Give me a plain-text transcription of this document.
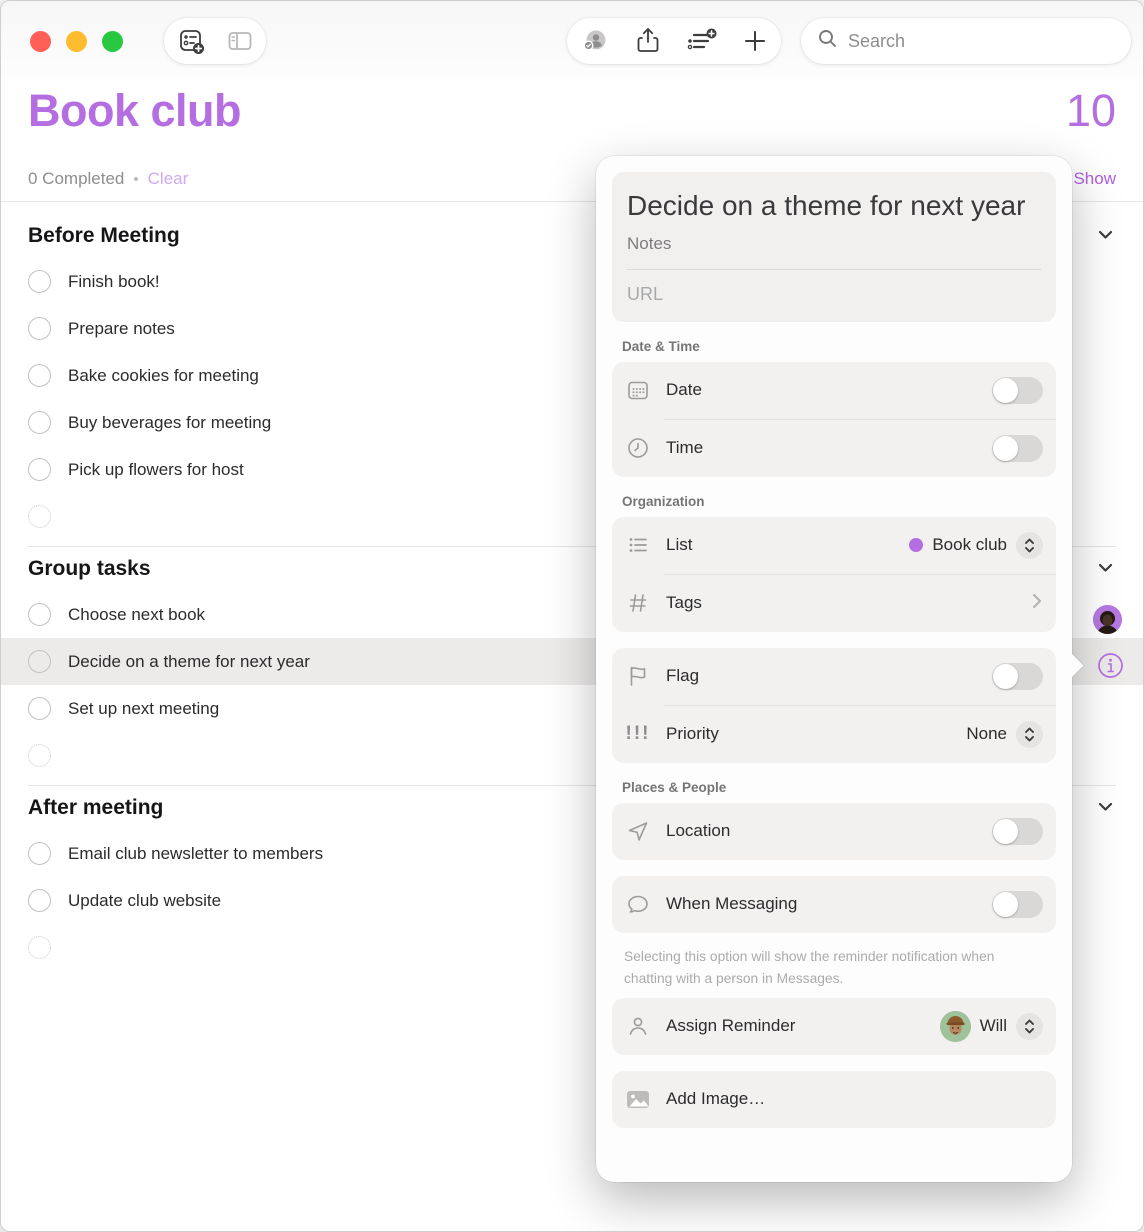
Search
Book club	10
0 Completed • Clear	Show
Before Meeting
Finish book!
Prepare notes
Bake cookies for meeting
Buy beverages for meeting
Pick up flowers for host
Group tasks
Choose next book
Decide on a theme for next year
Set up next meeting
After meeting
Email club newsletter to members
Update club website
Decide on a theme for next year
Notes
URL
Date & Time
Date
Time
Organization
List	Book club
Tags
Flag
!!! Priority	None
Places & People
Location
When Messaging
Selecting this option will show the reminder notification when chatting with a person in Messages.
Assign Reminder	Will
Add Image…
